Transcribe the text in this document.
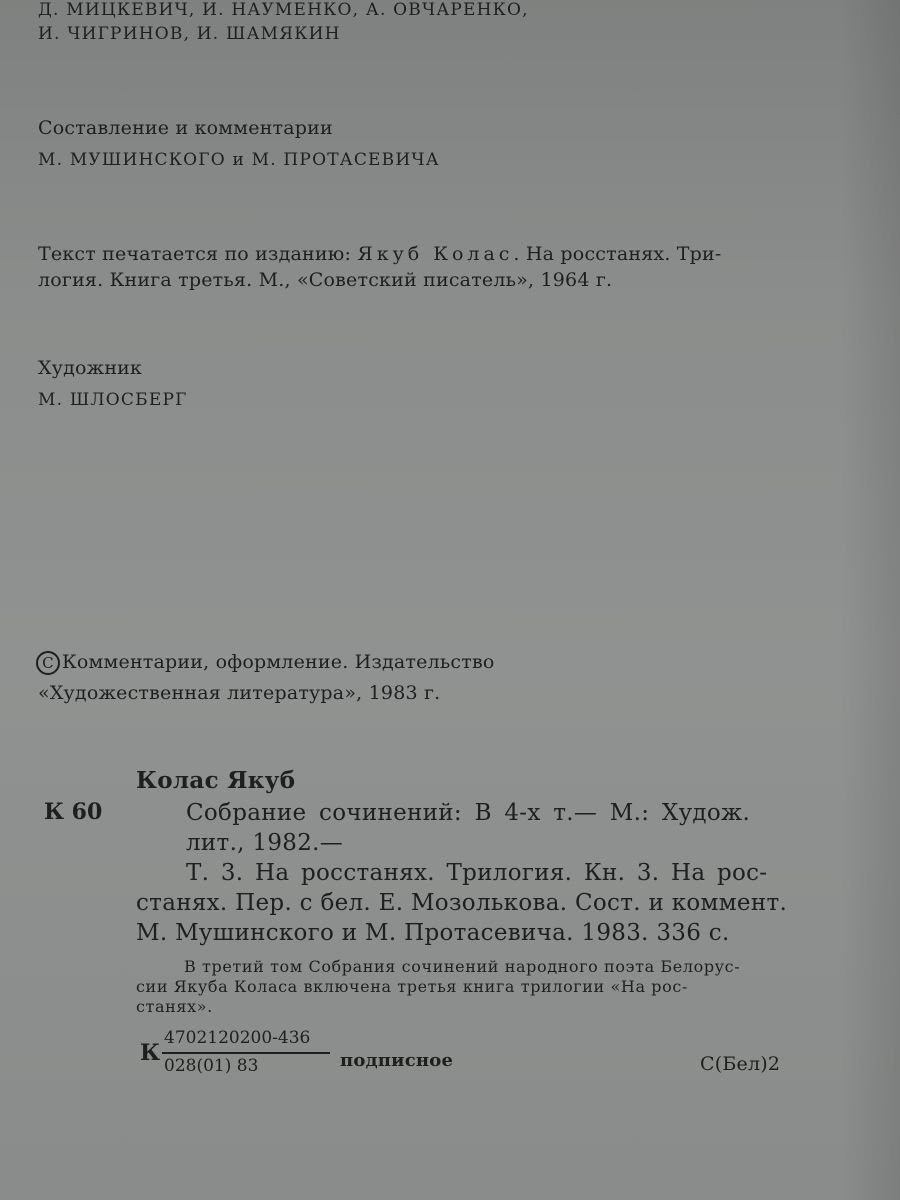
Д. МИЦКЕВИЧ, И. НАУМЕНКО, А. ОВЧАРЕНКО,
И. ЧИГРИНОВ, И. ШАМЯКИН
Составление и комментарии
М. МУШИНСКОГО и М. ПРОТАСЕВИЧА
Текст печатается по изданию: Якуб Колас. На росстанях. Три-
логия. Книга третья. М., «Советский писатель», 1964 г.
Художник
М. ШЛОСБЕРГ
C Комментарии, оформление. Издательство
«Художественная литература», 1983 г.
Колас Якуб
К 60	Собрание сочинений: В 4-х т.— М.: Худож.
лит., 1982.—
Т. 3. На росстанях. Трилогия. Кн. 3. На рос-
станях. Пер. с бел. Е. Мозолькова. Сост. и коммент.
М. Мушинского и М. Протасевича. 1983. 336 с.
В третий том Собрания сочинений народного поэта Белорус-
сии Якуба Коласа включена третья книга трилогии «На рос-
станях».
К
4702120200-436
028(01) 83	подписное	С(Бел)2
